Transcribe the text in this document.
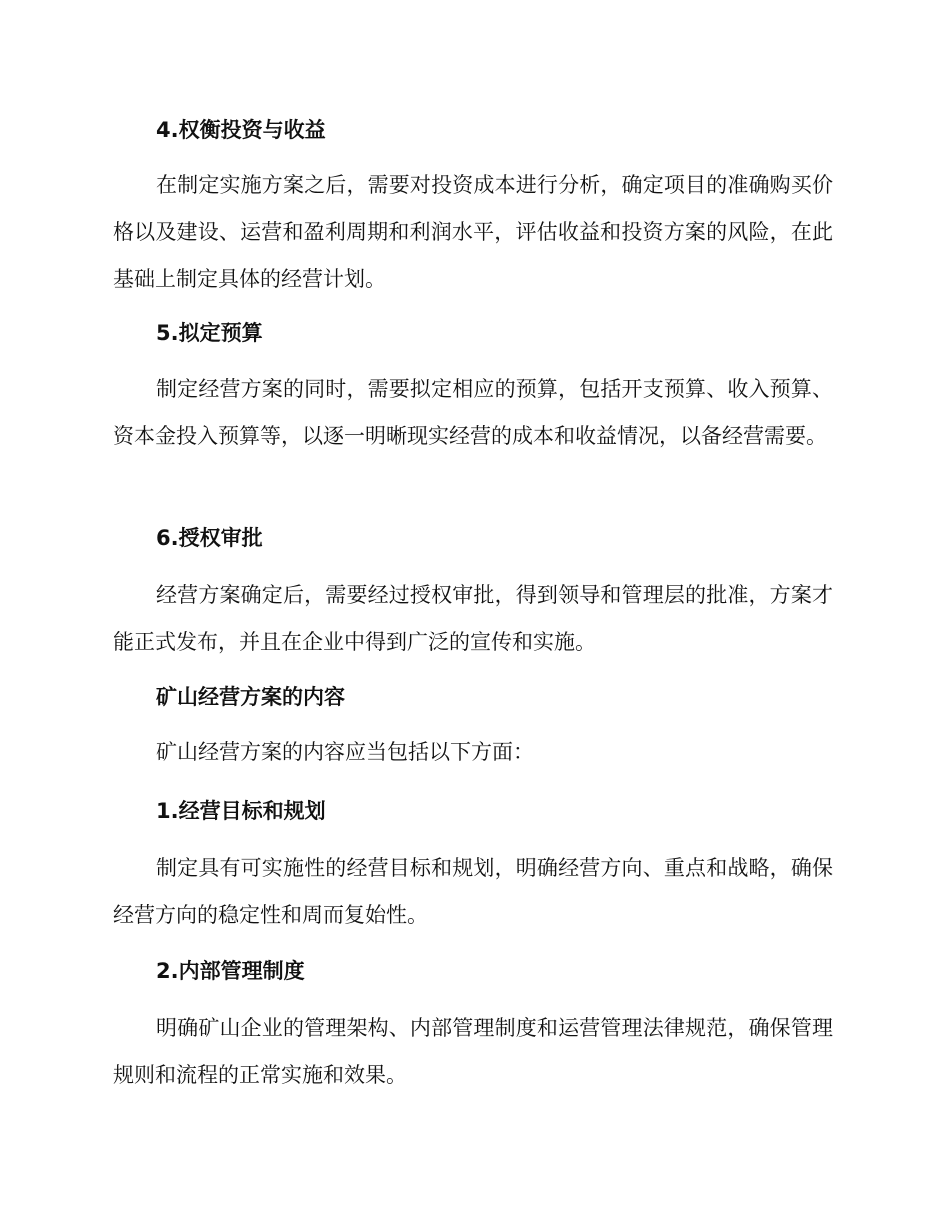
4.权衡投资与收益
在制定实施方案之后，需要对投资成本进行分析，确定项目的准确购买价格以及建设、运营和盈利周期和利润水平，评估收益和投资方案的风险，在此基础上制定具体的经营计划。
5.拟定预算
制定经营方案的同时，需要拟定相应的预算，包括开支预算、收入预算、资本金投入预算等，以逐一明晰现实经营的成本和收益情况，以备经营需要。
6.授权审批
经营方案确定后，需要经过授权审批，得到领导和管理层的批准，方案才能正式发布，并且在企业中得到广泛的宣传和实施。
矿山经营方案的内容
矿山经营方案的内容应当包括以下方面：
1.经营目标和规划
制定具有可实施性的经营目标和规划，明确经营方向、重点和战略，确保经营方向的稳定性和周而复始性。
2.内部管理制度
明确矿山企业的管理架构、内部管理制度和运营管理法律规范，确保管理规则和流程的正常实施和效果。
